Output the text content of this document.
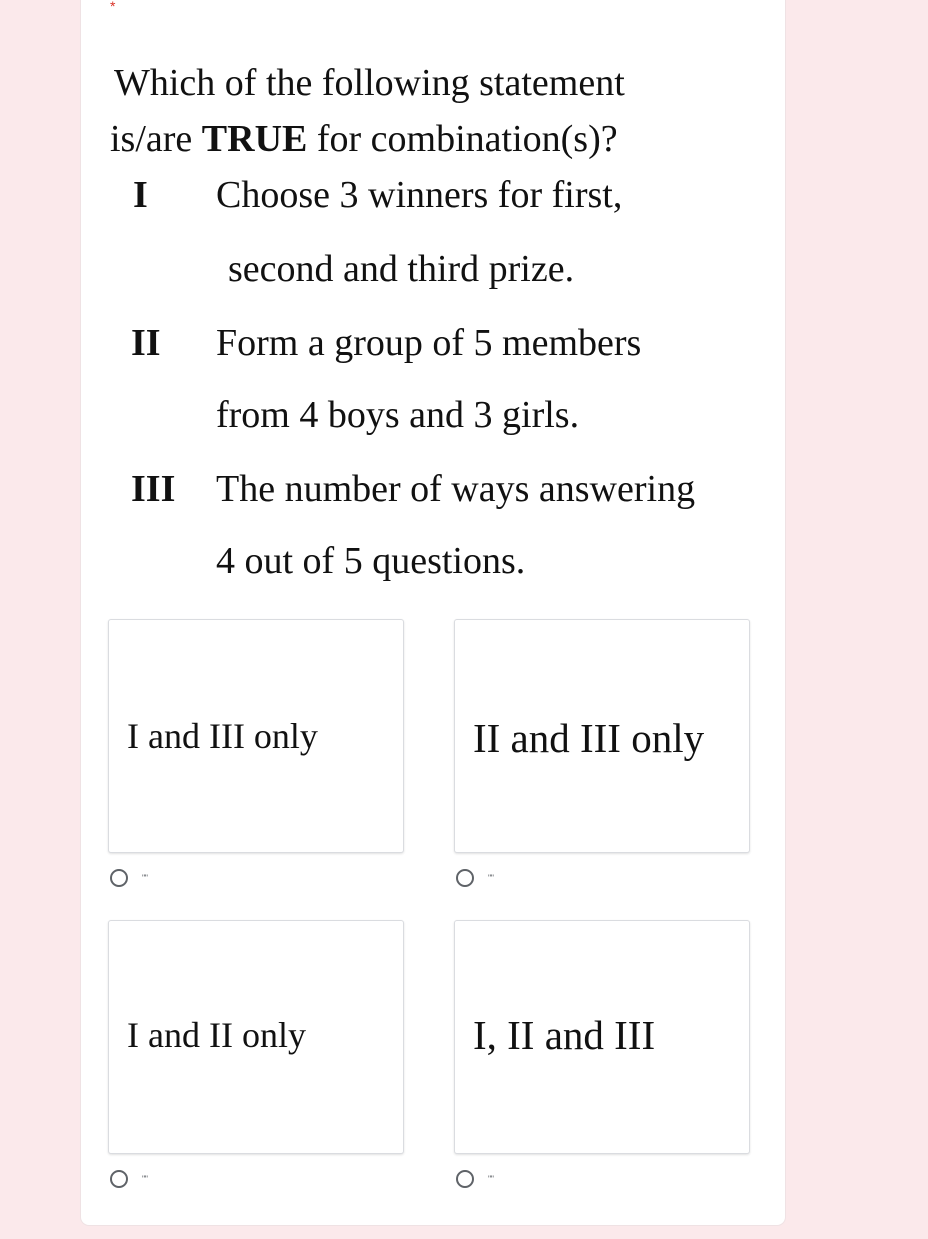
*
Which of the following statement
is/are TRUE for combination(s)?
I Choose 3 winners for first,
second and third prize.
II Form a group of 5 members
from 4 boys and 3 girls.
III The number of ways answering
4 out of 5 questions.
I and III only
""
II and III only
""
I and II only
""
I, II and III
""
